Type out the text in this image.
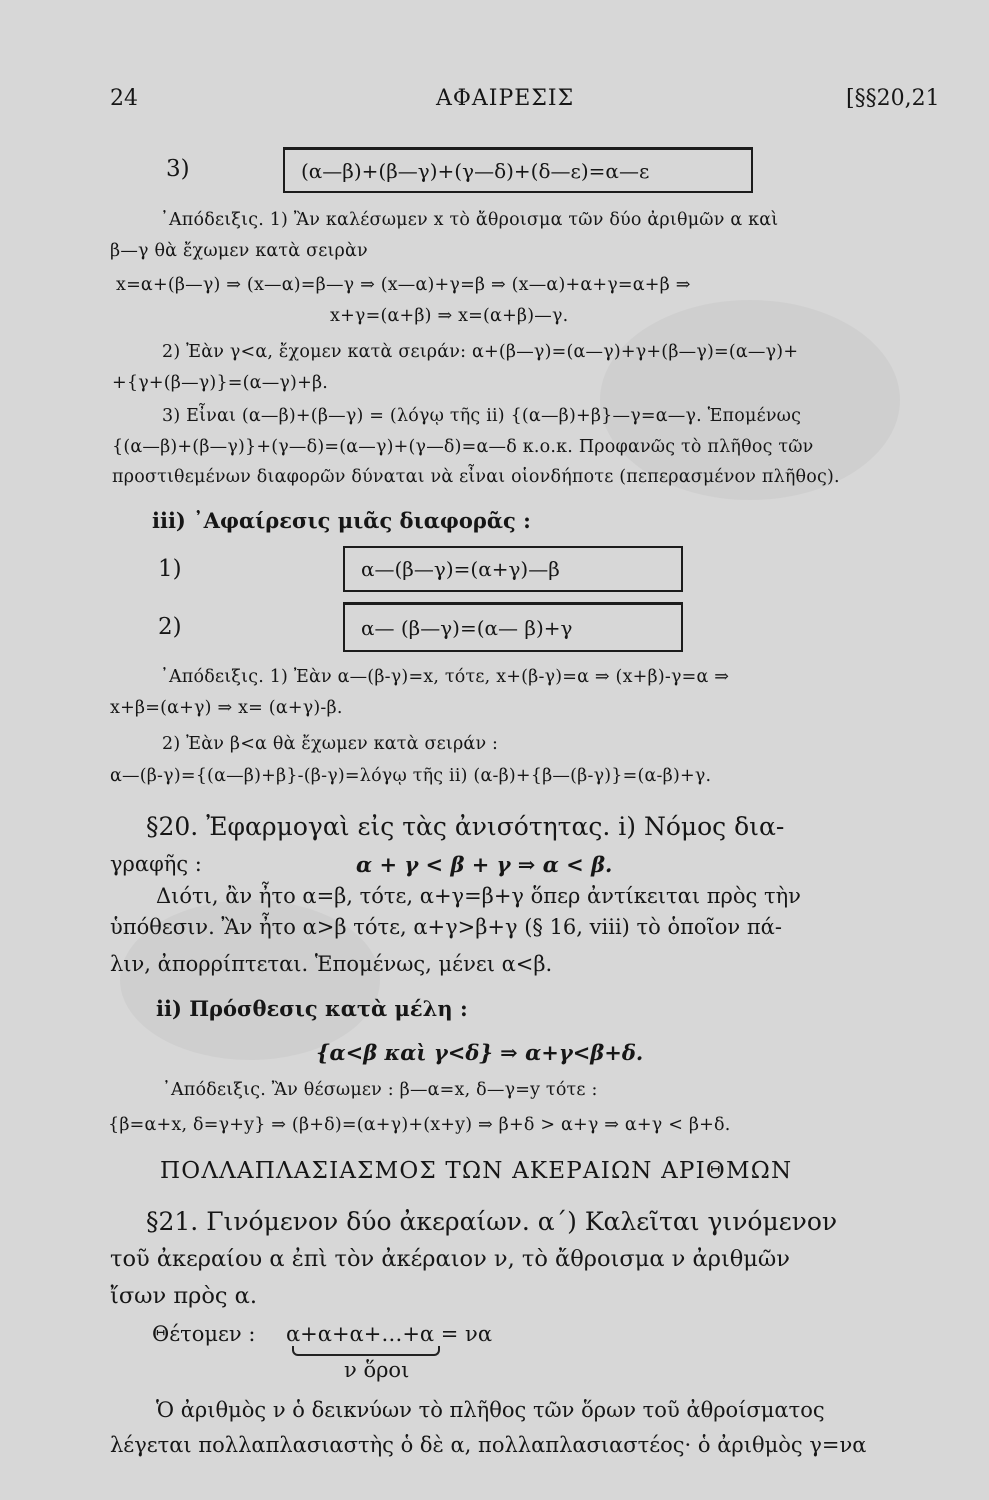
24	ΑΦΑΙΡΕΣΙΣ	[§§20,21
3)	(α—β)+(β—γ)+(γ—δ)+(δ—ε)=α—ε
᾿Απόδειξις. 1) Ἂν καλέσωμεν x τὸ ἄθροισμα τῶν δύο ἀριθμῶν α καὶ
β—γ θὰ ἔχωμεν κατὰ σειρὰν
x=α+(β—γ) ⇒ (x—α)=β—γ ⇒ (x—α)+γ=β ⇒ (x—α)+α+γ=α+β ⇒
x+γ=(α+β) ⇒ x=(α+β)—γ.
2) Ἐὰν γ<α, ἔχομεν κατὰ σειράν: α+(β—γ)=(α—γ)+γ+(β—γ)=(α—γ)+
+{γ+(β—γ)}=(α—γ)+β.
3) Εἶναι (α—β)+(β—γ) = (λόγῳ τῆς ii) {(α—β)+β}—γ=α—γ. Ἑπομένως
{(α—β)+(β—γ)}+(γ—δ)=(α—γ)+(γ—δ)=α—δ κ.ο.κ. Προφανῶς τὸ πλῆθος τῶν
προστιθεμένων διαφορῶν δύναται νὰ εἶναι οἱονδήποτε (πεπερασμένον πλῆθος).
iii) ᾿Αφαίρεσις μιᾶς διαφορᾶς :
1)	α—(β—γ)=(α+γ)—β
2)	α— (β—γ)=(α— β)+γ
᾿Απόδειξις. 1) Ἐὰν α—(β-γ)=x, τότε, x+(β-γ)=α ⇒ (x+β)-γ=α ⇒
x+β=(α+γ) ⇒ x= (α+γ)-β.
2) Ἐὰν β<α θὰ ἔχωμεν κατὰ σειράν :
α—(β-γ)={(α—β)+β}-(β-γ)=λόγῳ τῆς ii) (α-β)+{β—(β-γ)}=(α-β)+γ.
§20. Ἐφαρμογαὶ εἰς τὰς ἀνισότητας. i) Νόμος δια-
γραφῆς :	α + γ < β + γ ⇒ α < β.
Διότι, ἂν ἦτο α=β, τότε, α+γ=β+γ ὅπερ ἀντίκειται πρὸς τὴν
ὑπόθεσιν. Ἂν ἦτο α>β τότε, α+γ>β+γ (§ 16, viii) τὸ ὁποῖον πά-
λιν, ἀπορρίπτεται. Ἑπομένως, μένει α<β.
ii) Πρόσθεσις κατὰ μέλη :
{α<β καὶ γ<δ} ⇒ α+γ<β+δ.
᾿Απόδειξις. Ἂν θέσωμεν : β—α=x, δ—γ=y τότε :
{β=α+x, δ=γ+y} ⇒ (β+δ)=(α+γ)+(x+y) ⇒ β+δ > α+γ ⇒ α+γ < β+δ.
ΠΟΛΛΑΠΛΑΣΙΑΣΜΟΣ ΤΩΝ ΑΚΕΡΑΙΩΝ ΑΡΙΘΜΩΝ
§21. Γινόμενον δύο ἀκεραίων. α΄) Καλεῖται γινόμενον
τοῦ ἀκεραίου α ἐπὶ τὸν ἀκέραιον ν, τὸ ἄθροισμα ν ἀριθμῶν
ἴσων πρὸς α.
Θέτομεν : α+α+α+…+α = να
ν ὅροι
Ὁ ἀριθμὸς ν ὁ δεικνύων τὸ πλῆθος τῶν ὅρων τοῦ ἀθροίσματος
λέγεται πολλαπλασιαστὴς ὁ δὲ α, πολλαπλασιαστέος· ὁ ἀριθμὸς γ=να
